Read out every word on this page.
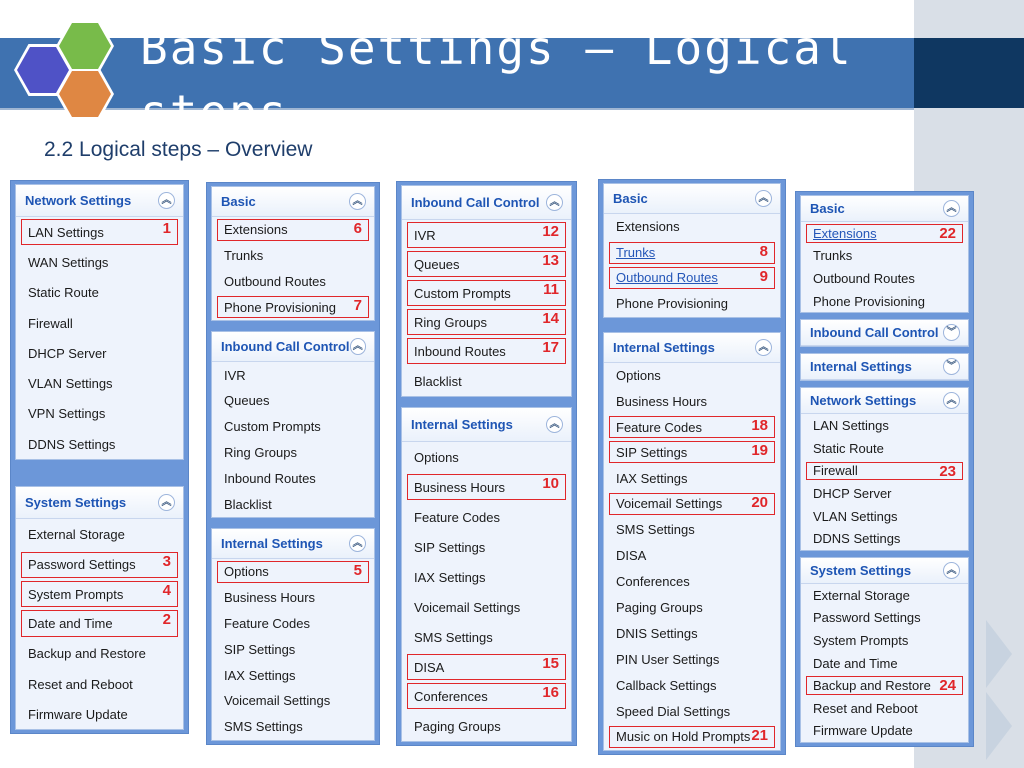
Basic Settings – Logical steps
2.2 Logical steps – Overview
Network Settings	︽
LAN Settings	1
WAN Settings
Static Route
Firewall
DHCP Server
VLAN Settings
VPN Settings
DDNS Settings
System Settings	︽
External Storage
Password Settings 3
System Prompts	4
Date and Time	2
Backup and Restore
Reset and Reboot
Firmware Update
Basic	︽
Extensions	6
Trunks
Outbound Routes
Phone Provisioning 7
Inbound Call Control ︽
IVR
Queues
Custom Prompts
Ring Groups
Inbound Routes
Blacklist
Internal Settings	︽
Options	5
Business Hours
Feature Codes
SIP Settings
IAX Settings
Voicemail Settings
SMS Settings
Inbound Call Control ︽
IVR	12
Queues	13
Custom Prompts 11
Ring Groups	14
Inbound Routes 17
Blacklist
Internal Settings	︽
Options
Business Hours 10
Feature Codes
SIP Settings
IAX Settings
Voicemail Settings
SMS Settings
DISA	15
Conferences	16
Paging Groups
Basic	︽
Extensions
Trunks	8
Outbound Routes	9
Phone Provisioning
Internal Settings	︽
Options
Business Hours
Feature Codes	18
SIP Settings	19
IAX Settings
Voicemail Settings 20
SMS Settings
DISA
Conferences
Paging Groups
DNIS Settings
PIN User Settings
Callback Settings
Speed Dial Settings
Music on Hold Prompts 21
Basic	︽
Extensions	22
Trunks
Outbound Routes
Phone Provisioning
Inbound Call Control ︾
Internal Settings	︾
Network Settings	︽
LAN Settings
Static Route
Firewall	23
DHCP Server
VLAN Settings
DDNS Settings
System Settings	︽
External Storage
Password Settings
System Prompts
Date and Time
Backup and Restore 24
Reset and Reboot
Firmware Update
